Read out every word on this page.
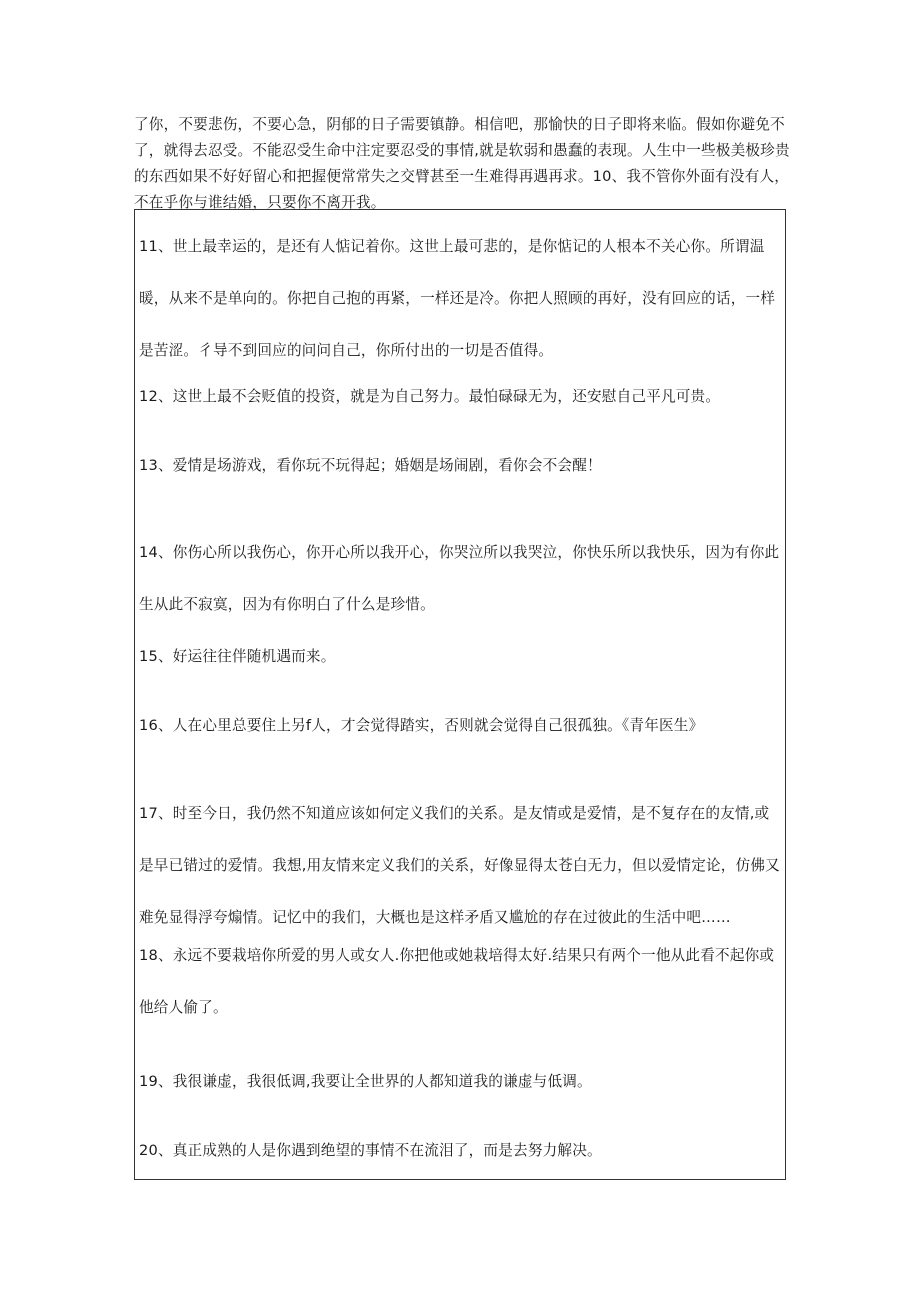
了你，不要悲伤，不要心急，阴郁的日子需要镇静。相信吧，那愉快的日子即将来临。假如你避免不了，就得去忍受。不能忍受生命中注定要忍受的事情,就是软弱和愚蠢的表现。人生中一些极美极珍贵的东西如果不好好留心和把握便常常失之交臂甚至一生难得再遇再求。10、我不管你外面有没有人，不在乎你与谁结婚，只要你不离开我。

11、世上最幸运的，是还有人惦记着你。这世上最可悲的，是你惦记的人根本不关心你。所谓温暖，从来不是单向的。你把自己抱的再紧，一样还是冷。你把人照顾的再好，没有回应的话，一样是苦涩。彳导不到回应的问问自己，你所付出的一切是否值得。

12、这世上最不会贬值的投资，就是为自己努力。最怕碌碌无为，还安慰自己平凡可贵。

13、爱情是场游戏，看你玩不玩得起；婚姻是场闹剧，看你会不会醒！

14、你伤心所以我伤心，你开心所以我开心，你哭泣所以我哭泣，你快乐所以我快乐，因为有你此生从此不寂寞，因为有你明白了什么是珍惜。

15、好运往往伴随机遇而来。

16、人在心里总要住上另f人，才会觉得踏实，否则就会觉得自己很孤独。《青年医生》

17、时至今日，我仍然不知道应该如何定义我们的关系。是友情或是爱情，是不复存在的友情,或是早已错过的爱情。我想,用友情来定义我们的关系，好像显得太苍白无力，但以爱情定论，仿佛又难免显得浮夸煽情。记忆中的我们，大概也是这样矛盾又尴尬的存在过彼此的生活中吧……

18、永远不要栽培你所爱的男人或女人.你把他或她栽培得太好.结果只有两个一他从此看不起你或他给人偷了。

19、我很谦虚，我很低调,我要让全世界的人都知道我的谦虚与低调。

20、真正成熟的人是你遇到绝望的事情不在流泪了，而是去努力解决。
